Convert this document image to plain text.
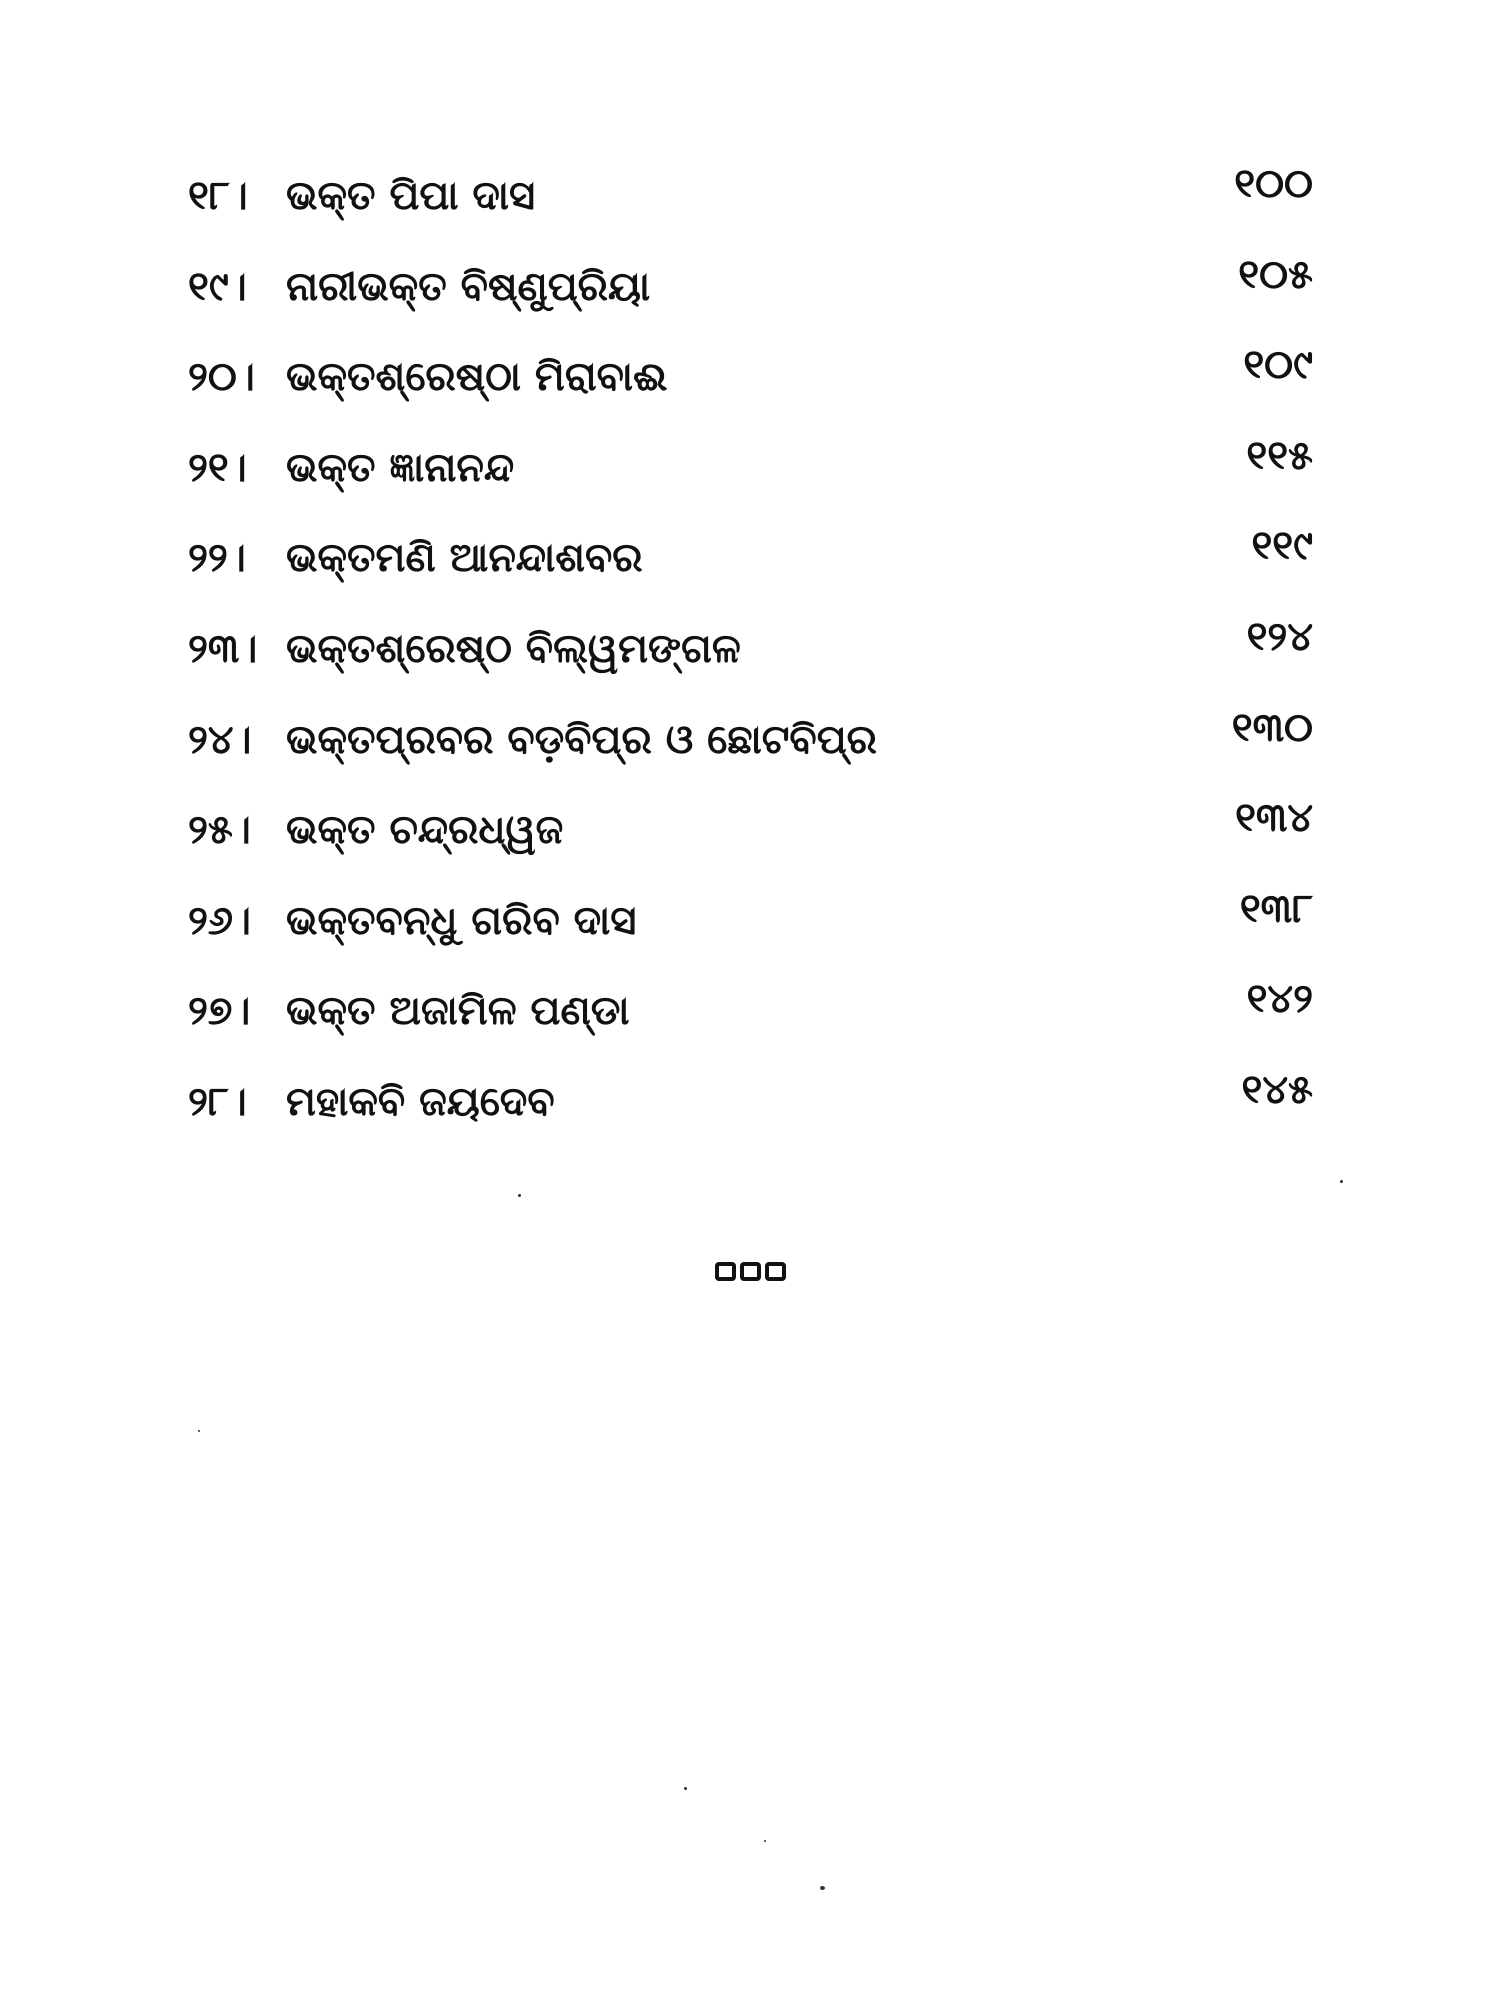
୧୮। ଭକ୍ତ ପିପା ଦାସ	୧୦୦
୧୯। ନାରୀଭକ୍ତ ବିଷ୍ଣୁପ୍ରିୟା	୧୦୫
୨୦। ଭକ୍ତଶ୍ରେଷ୍ଠା ମିରାବାଈ	୧୦୯
୨୧। ଭକ୍ତ ଜ୍ଞାନାନନ୍ଦ	୧୧୫
୨୨।	ଭକ୍ତମଣି ଆନନ୍ଦାଶବର	୧୧୯
୨୩। ଭକ୍ତଶ୍ରେଷ୍ଠ ବିଲ୍ୱମଙ୍ଗଳ	୧୨୪
୨୪। ଭକ୍ତପ୍ରବର ବଡ଼ବିପ୍ର ଓ ଛୋଟବିପ୍ର	୧୩୦
୨୫। ଭକ୍ତ ଚନ୍ଦ୍ରଧ୍ୱଜ	୧୩୪
୨୬। ଭକ୍ତବନ୍ଧୁ ଗରିବ ଦାସ	୧୩୮
୨୭। ଭକ୍ତ ଅଜାମିଳ ପଣ୍ଡା	୧୪୨
୨୮। ମହାକବି ଜୟଦେବ	୧୪୫
